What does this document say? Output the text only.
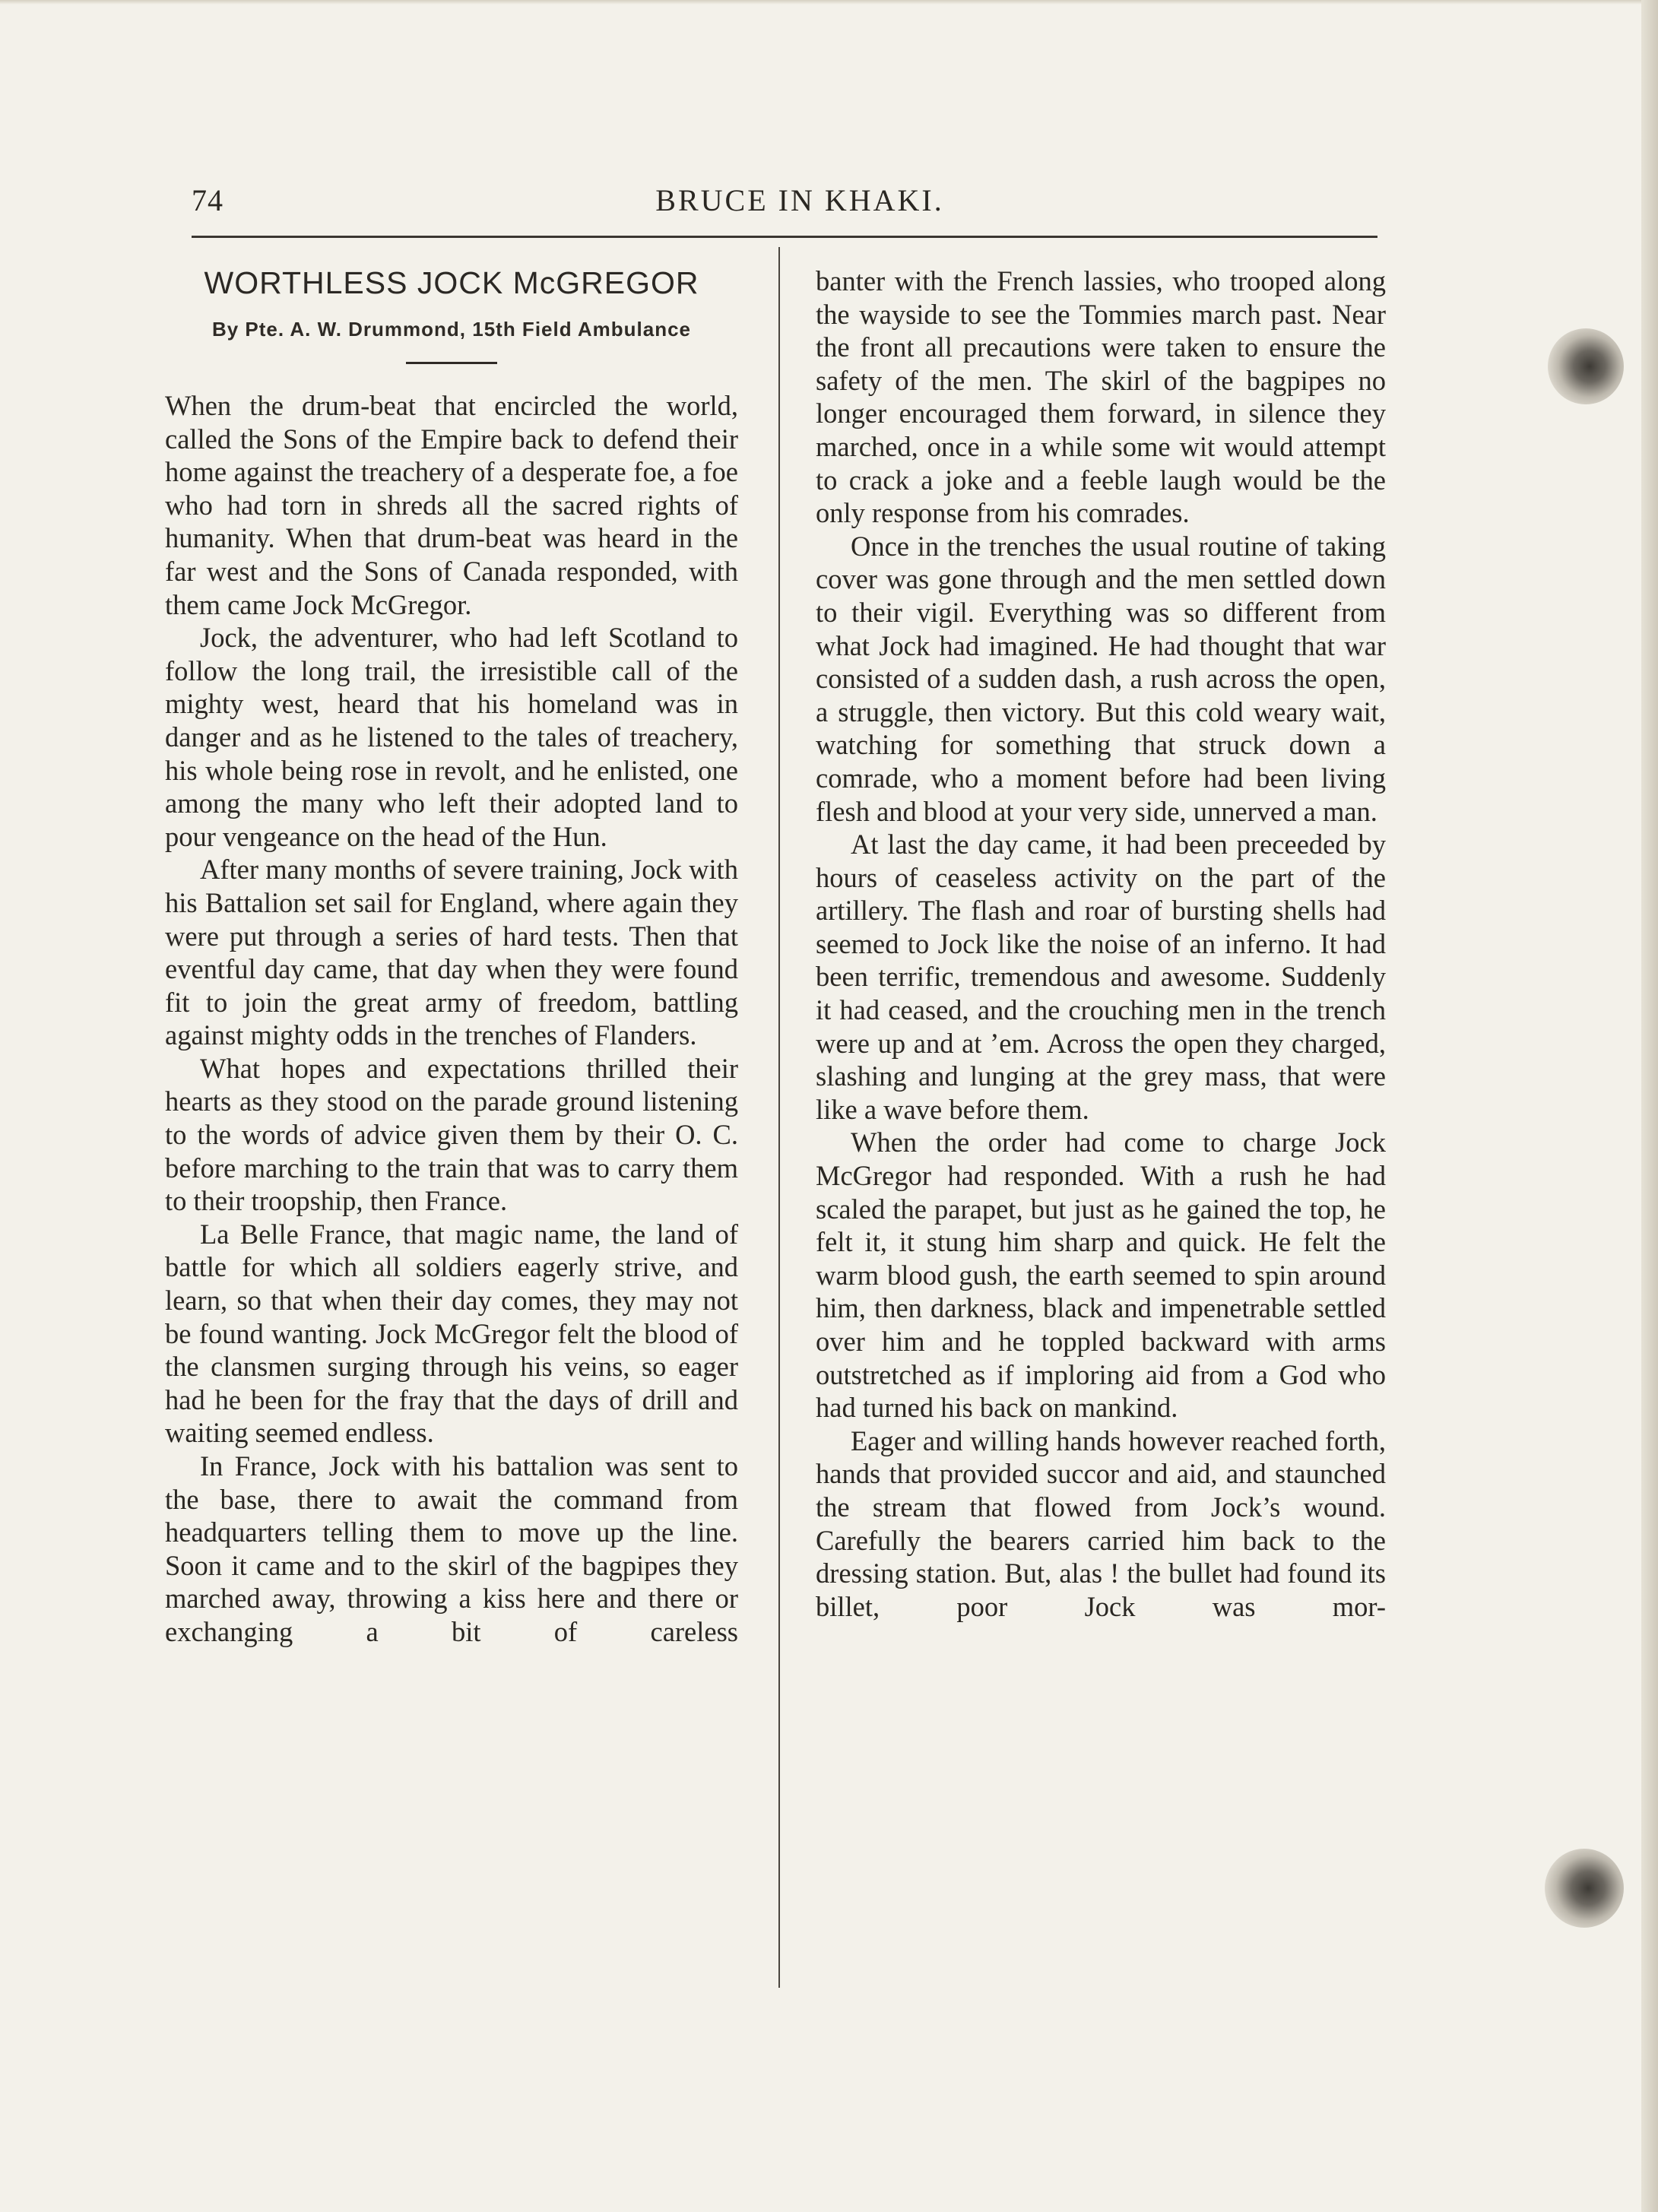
74	BRUCE IN KHAKI.
WORTHLESS JOCK McGREGOR
By Pte. A. W. Drummond, 15th Field Ambulance

When the drum-beat that encircled the world, called the Sons of the Empire back to defend their home against the treachery of a desperate foe, a foe who had torn in shreds all the sacred rights of humanity. When that drum-beat was heard in the far west and the Sons of Canada responded, with them came Jock McGregor.

Jock, the adventurer, who had left Scotland to follow the long trail, the irresistible call of the mighty west, heard that his homeland was in danger and as he listened to the tales of treachery, his whole being rose in revolt, and he enlisted, one among the many who left their adopted land to pour vengeance on the head of the Hun.

After many months of severe training, Jock with his Battalion set sail for England, where again they were put through a series of hard tests. Then that eventful day came, that day when they were found fit to join the great army of freedom, battling against mighty odds in the trenches of Flanders.

What hopes and expectations thrilled their hearts as they stood on the parade ground listening to the words of advice given them by their O. C. before marching to the train that was to carry them to their troopship, then France.

La Belle France, that magic name, the land of battle for which all soldiers eagerly strive, and learn, so that when their day comes, they may not be found wanting. Jock McGregor felt the blood of the clansmen surging through his veins, so eager had he been for the fray that the days of drill and waiting seemed endless.

In France, Jock with his battalion was sent to the base, there to await the command from headquarters telling them to move up the line. Soon it came and to the skirl of the bagpipes they marched away, throwing a kiss here and there or exchanging a bit of careless

banter with the French lassies, who trooped along the wayside to see the Tommies march past. Near the front all precautions were taken to ensure the safety of the men. The skirl of the bagpipes no longer encouraged them forward, in silence they marched, once in a while some wit would attempt to crack a joke and a feeble laugh would be the only response from his comrades.

Once in the trenches the usual routine of taking cover was gone through and the men settled down to their vigil. Everything was so different from what Jock had imagined. He had thought that war consisted of a sudden dash, a rush across the open, a struggle, then victory. But this cold weary wait, watching for something that struck down a comrade, who a moment before had been living flesh and blood at your very side, unnerved a man.

At last the day came, it had been preceeded by hours of ceaseless activity on the part of the artillery. The flash and roar of bursting shells had seemed to Jock like the noise of an inferno. It had been terrific, tremendous and awesome. Suddenly it had ceased, and the crouching men in the trench were up and at ’em. Across the open they charged, slashing and lunging at the grey mass, that were like a wave before them.

When the order had come to charge Jock McGregor had responded. With a rush he had scaled the parapet, but just as he gained the top, he felt it, it stung him sharp and quick. He felt the warm blood gush, the earth seemed to spin around him, then darkness, black and impenetrable settled over him and he toppled backward with arms outstretched as if imploring aid from a God who had turned his back on mankind.

Eager and willing hands however reached forth, hands that provided succor and aid, and staunched the stream that flowed from Jock’s wound. Carefully the bearers carried him back to the dressing station. But, alas ! the bullet had found its billet, poor Jock was mor-
